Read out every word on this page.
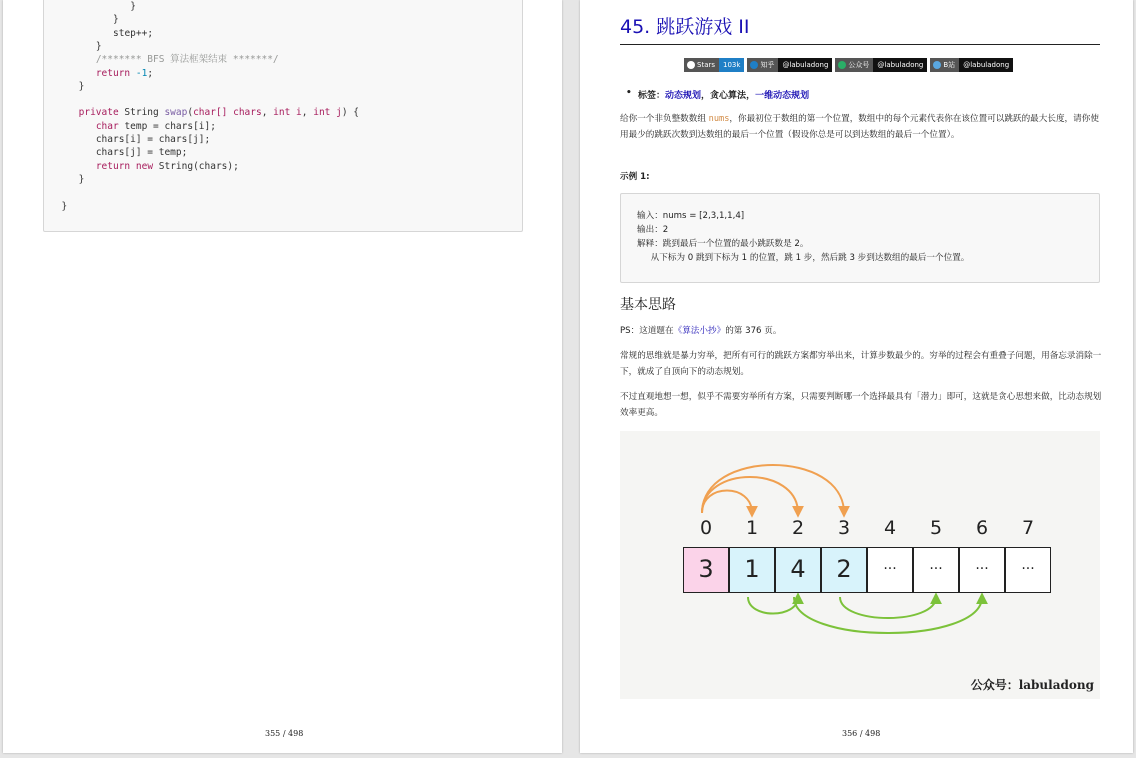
}
}
step++;
}
/******* BFS 算法框架结束 *******/
return -1;
}
private String swap(char[] chars, int i, int j) {
char temp = chars[i];
chars[i] = chars[j];
chars[j] = temp;
return new String(chars);
}
}
355 / 498
45. 跳跃游戏 II
Stars	103k	知乎	@labuladong	公众号	@labuladong	B站	@labuladong
• 标签：动态规划，贪心算法，一维动态规划
给你一个非负整数数组 nums，你最初位于数组的第一个位置，数组中的每个元素代表你在该位置可以跳跃的最大长度，请你使用最少的跳跃次数到达数组的最后一个位置（假设你总是可以到达数组的最后一个位置）。
示例 1:
输入：nums = [2,3,1,1,4]
输出：2
解释：跳到最后一个位置的最小跳跃数是 2。
从下标为 0 跳到下标为 1 的位置，跳 1 步，然后跳 3 步到达数组的最后一个位置。
基本思路
PS：这道题在《算法小抄》的第 376 页。
常规的思维就是暴力穷举，把所有可行的跳跃方案都穷举出来，计算步数最少的。穷举的过程会有重叠子问题，用备忘录消除一下，就成了自顶向下的动态规划。
不过直观地想一想，似乎不需要穷举所有方案，只需要判断哪一个选择最具有「潜力」即可，这就是贪心思想来做，比动态规划效率更高。
公众号：labuladong
0	1	2	3	4	5	6	7
3	1	4	2	···	···	···	···
356 / 498
